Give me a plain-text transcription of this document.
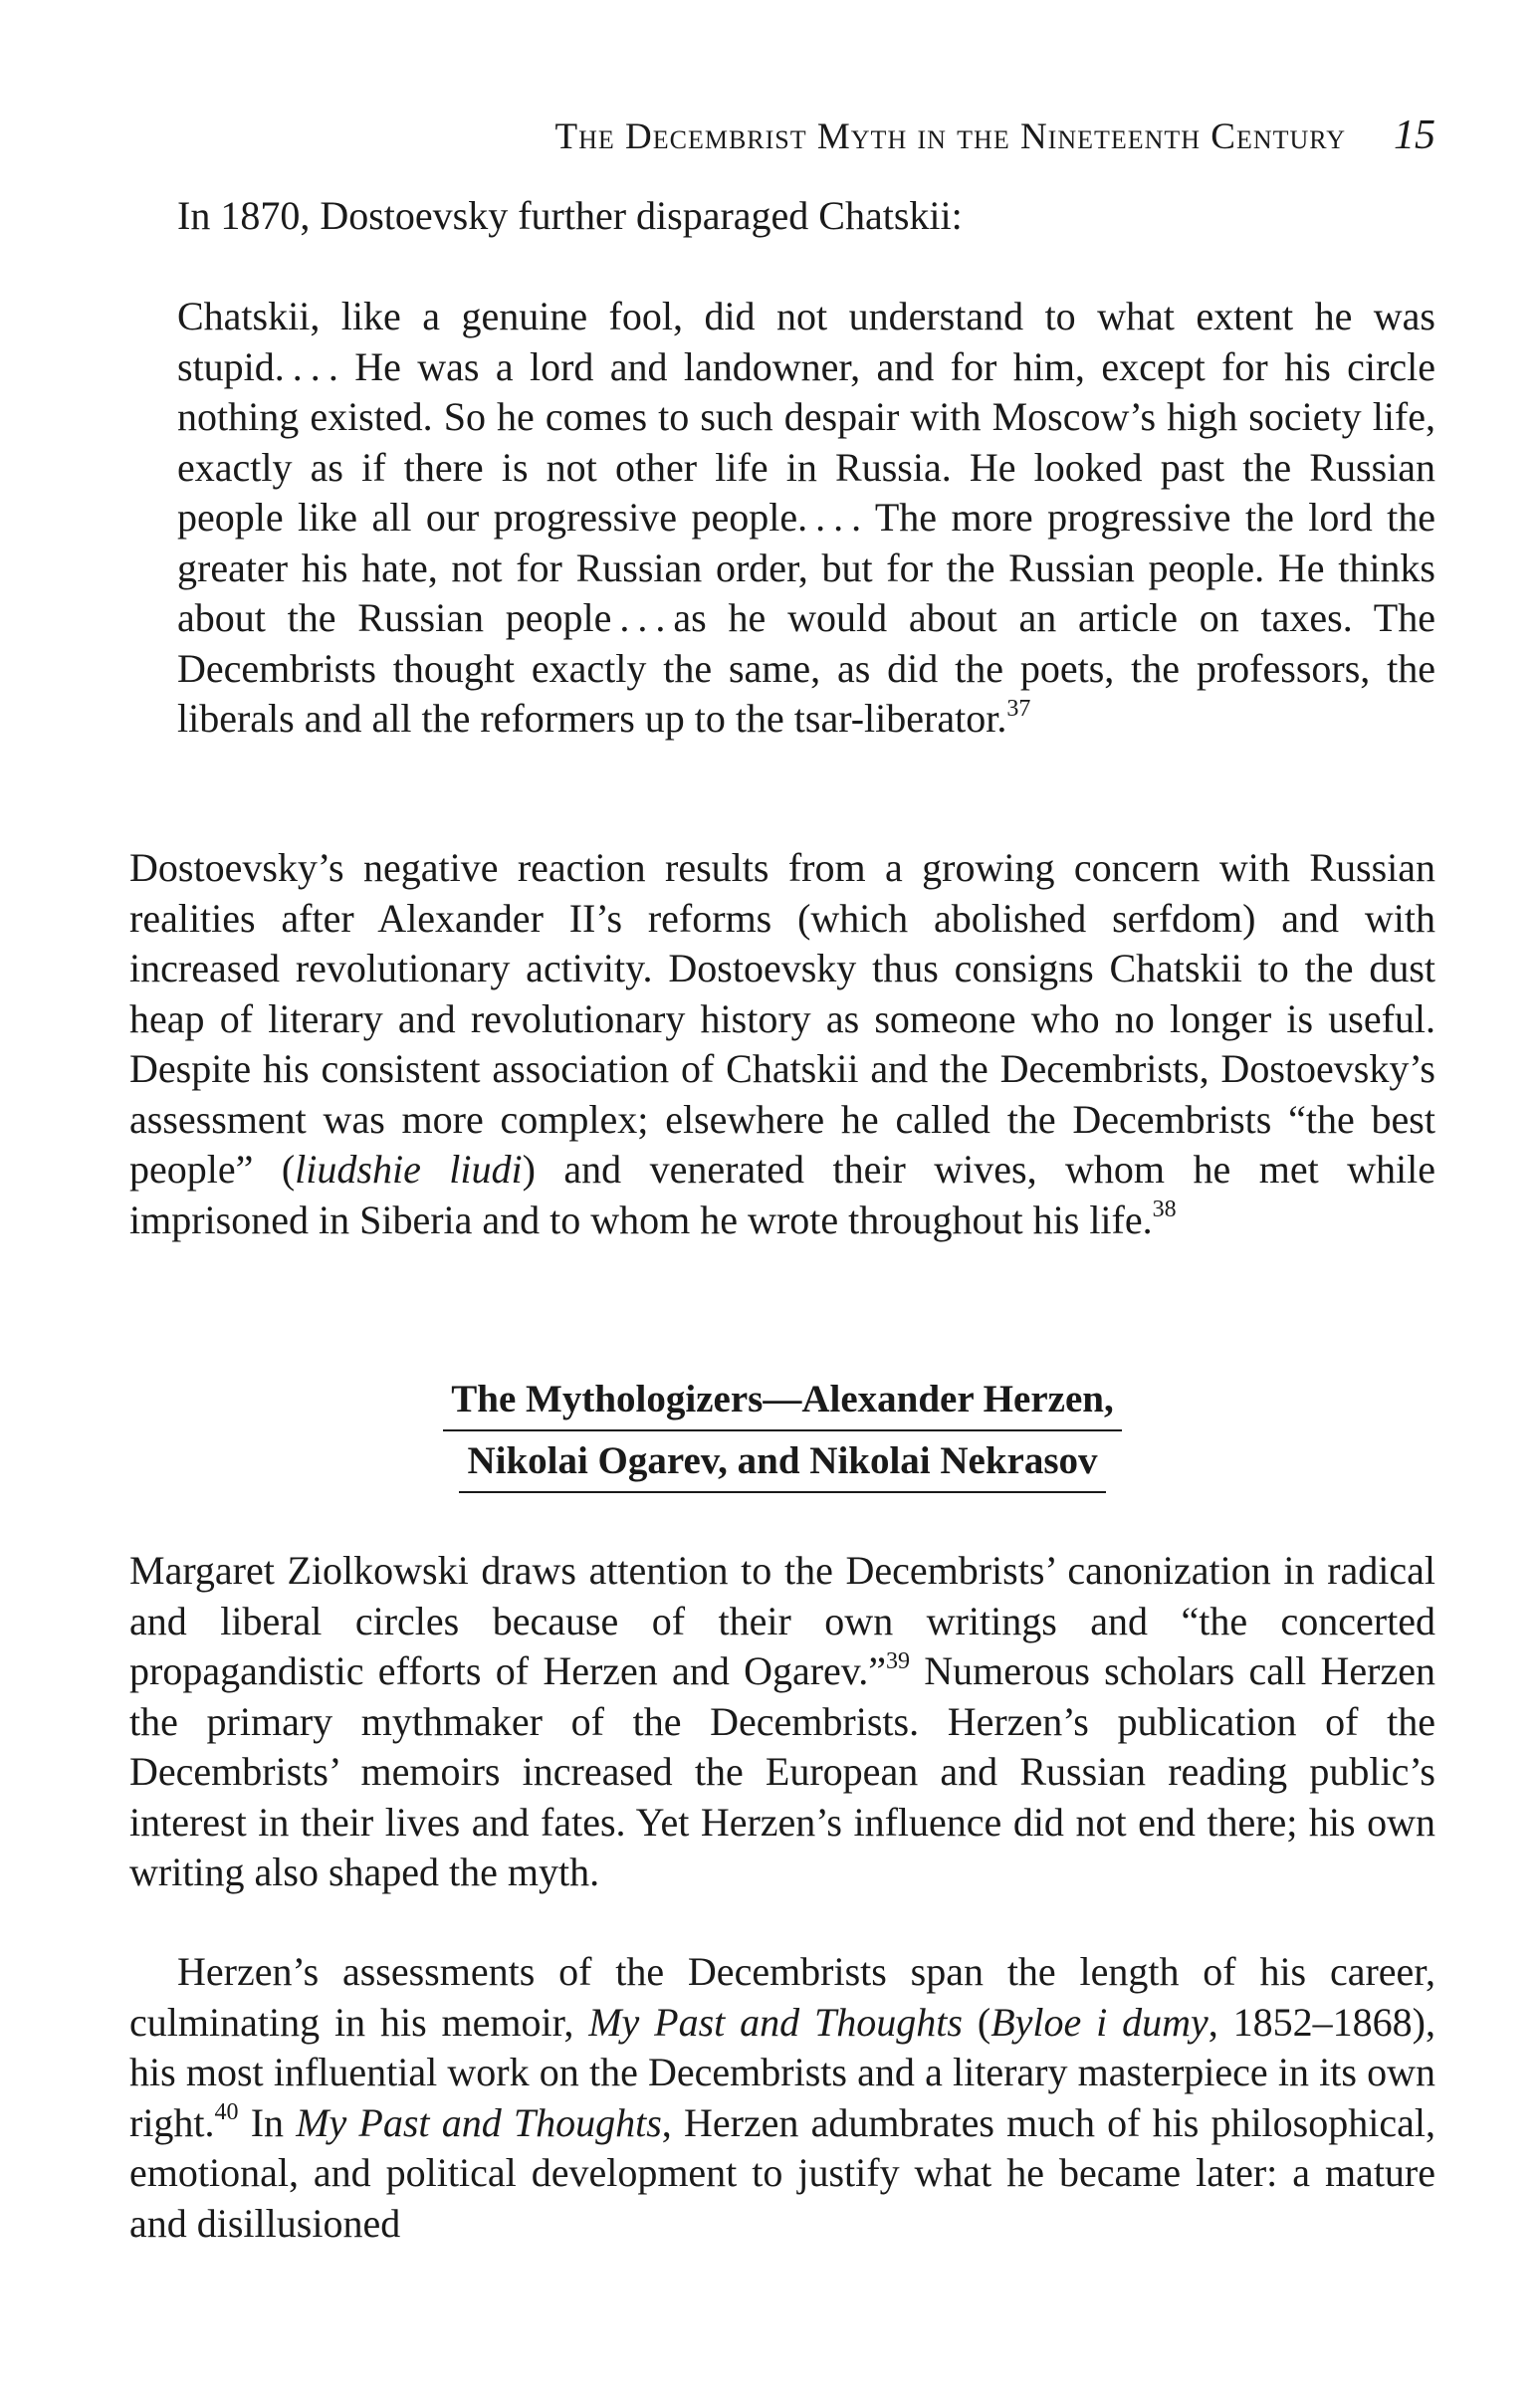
The Decembrist Myth in the Nineteenth Century 15

In 1870, Dostoevsky further disparaged Chatskii:

Chatskii, like a genuine fool, did not understand to what extent he was stupid. . . . He was a lord and landowner, and for him, except for his circle nothing existed. So he comes to such despair with Moscow’s high society life, exactly as if there is not other life in Russia. He looked past the Russian people like all our progressive people. . . . The more progressive the lord the greater his hate, not for Russian order, but for the Russian people. He thinks about the Russian people . . . as he would about an article on taxes. The Decembrists thought exactly the same, as did the poets, the professors, the liberals and all the reformers up to the tsar-liberator.$^{37}$

Dostoevsky’s negative reaction results from a growing concern with Russian realities after Alexander II’s reforms (which abolished serfdom) and with increased revolutionary activity. Dostoevsky thus consigns Chatskii to the dust heap of literary and revolutionary history as someone who no longer is useful. Despite his consistent association of Chatskii and the Decembrists, Dostoevsky’s assessment was more complex; elsewhere he called the Decembrists “the best people” (liudshie liudi) and venerated their wives, whom he met while imprisoned in Siberia and to whom he wrote throughout his life.$^{38}$

The Mythologizers—Alexander Herzen,
Nikolai Ogarev, and Nikolai Nekrasov

Margaret Ziolkowski draws attention to the Decembrists’ canonization in radical and liberal circles because of their own writings and “the concerted propagandistic efforts of Herzen and Ogarev.”$^{39}$ Numerous scholars call Herzen the primary mythmaker of the Decembrists. Herzen’s publication of the Decembrists’ memoirs increased the European and Russian reading public’s interest in their lives and fates. Yet Herzen’s influence did not end there; his own writing also shaped the myth.

Herzen’s assessments of the Decembrists span the length of his career, culminating in his memoir, My Past and Thoughts (Byloe i dumy, 1852–1868), his most influential work on the Decembrists and a literary masterpiece in its own right.$^{40}$ In My Past and Thoughts, Herzen adumbrates much of his philosophical, emotional, and political development to justify what he became later: a mature and disillusioned
